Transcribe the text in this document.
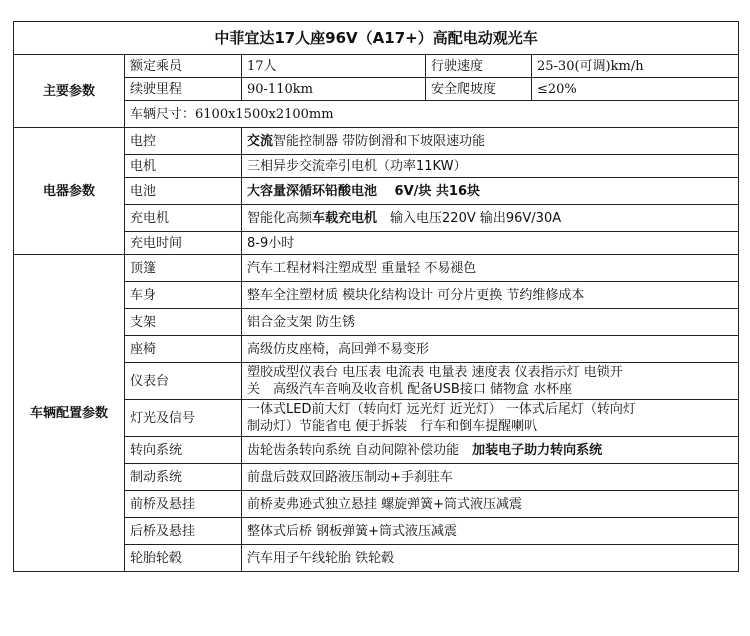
中菲宜达17人座96V（A17+）高配电动观光车				
主要参数	额定乘员	17人	行驶速度	25-30(可调)km/h
	续驶里程	90-110km	安全爬坡度	≤20%
	车辆尺寸：6100x1500x2100mm			
电器参数	电控	交流智能控制器 带防倒滑和下坡限速功能		
	电机	三相异步交流牵引电机（功率11KW）		
	电池	大容量深循环铅酸电池　 6V/块 共16块		
	充电机	智能化高频车载充电机　输入电压220V 输出96V/30A		
	充电时间	8-9小时		
车辆配置参数	顶篷	汽车工程材料注塑成型 重量轻 不易褪色		
	车身	整车全注塑材质 模块化结构设计 可分片更换 节约维修成本		
	支架	铝合金支架 防生锈		
	座椅	高级仿皮座椅，高回弹不易变形		
	仪表台	塑胶成型仪表台 电压表 电流表 电量表 速度表 仪表指示灯 电锁开
关　高级汽车音响及收音机 配备USB接口 储物盒 水杯座		

	灯光及信号	一体式LED前大灯（转向灯 远光灯 近光灯） 一体式后尾灯（转向灯
制动灯）节能省电 便于拆装　行车和倒车提醒喇叭		

	转向系统	齿轮齿条转向系统 自动间隙补偿功能　加装电子助力转向系统		
	制动系统	前盘后鼓双回路液压制动+手刹驻车		
	前桥及悬挂	前桥麦弗逊式独立悬挂 螺旋弹簧+筒式液压减震		
	后桥及悬挂	整体式后桥 钢板弹簧+筒式液压减震		
	轮胎轮毂	汽车用子午线轮胎 铁轮毂		
